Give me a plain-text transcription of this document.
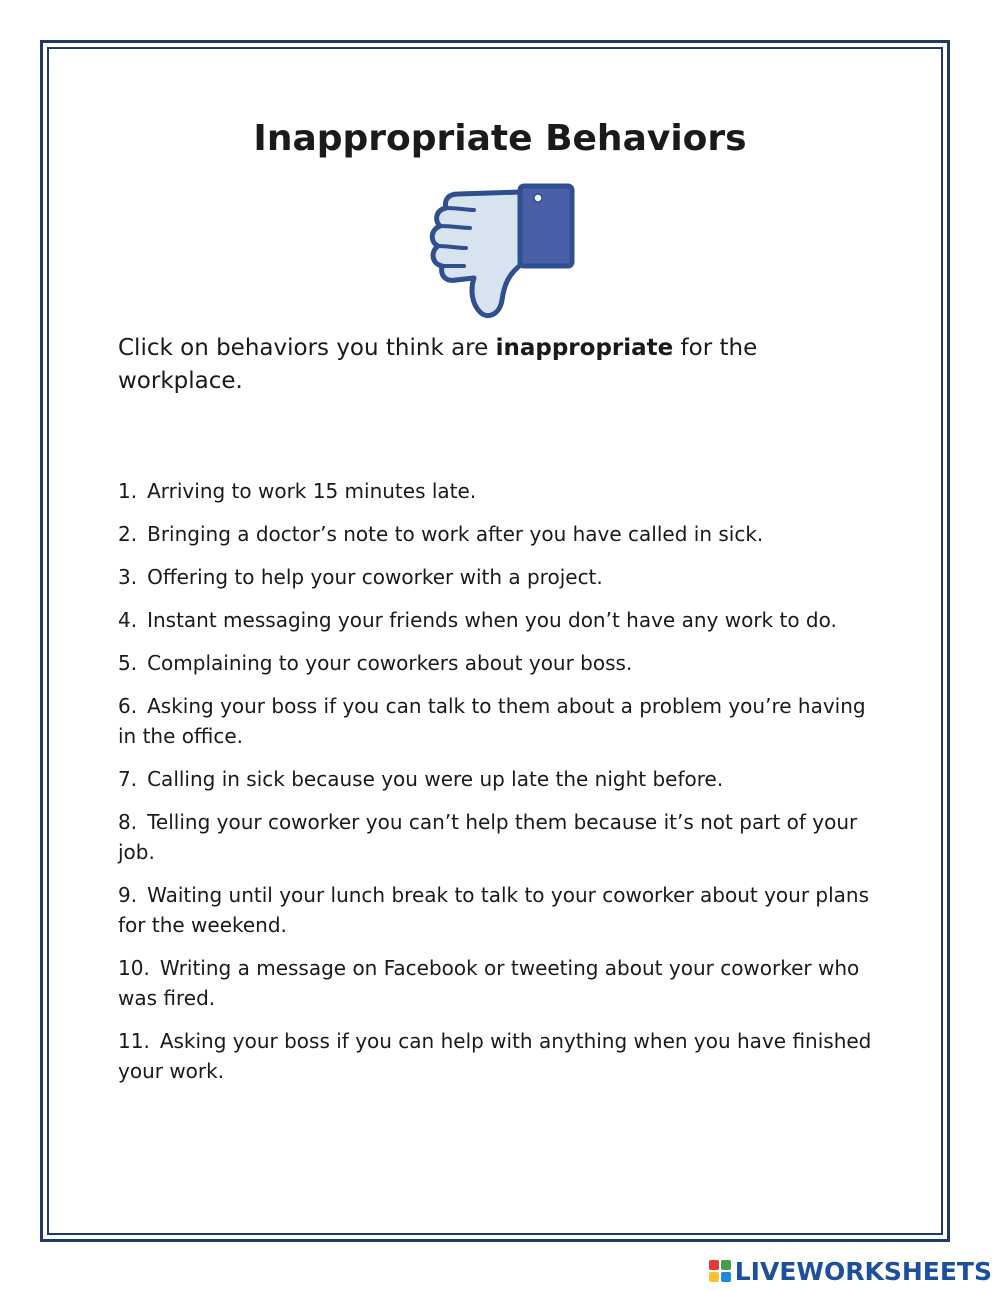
Inappropriate Behaviors

Click on behaviors you think are inappropriate for the workplace.

1. Arriving to work 15 minutes late.
2. Bringing a doctor’s note to work after you have called in sick.
3. Offering to help your coworker with a project.
4. Instant messaging your friends when you don’t have any work to do.
5. Complaining to your coworkers about your boss.
6. Asking your boss if you can talk to them about a problem you’re having in the office.
7. Calling in sick because you were up late the night before.
8. Telling your coworker you can’t help them because it’s not part of your job.
9. Waiting until your lunch break to talk to your coworker about your plans for the weekend.
10. Writing a message on Facebook or tweeting about your coworker who was fired.
11. Asking your boss if you can help with anything when you have finished your work.
LIVEWORKSHEETS
